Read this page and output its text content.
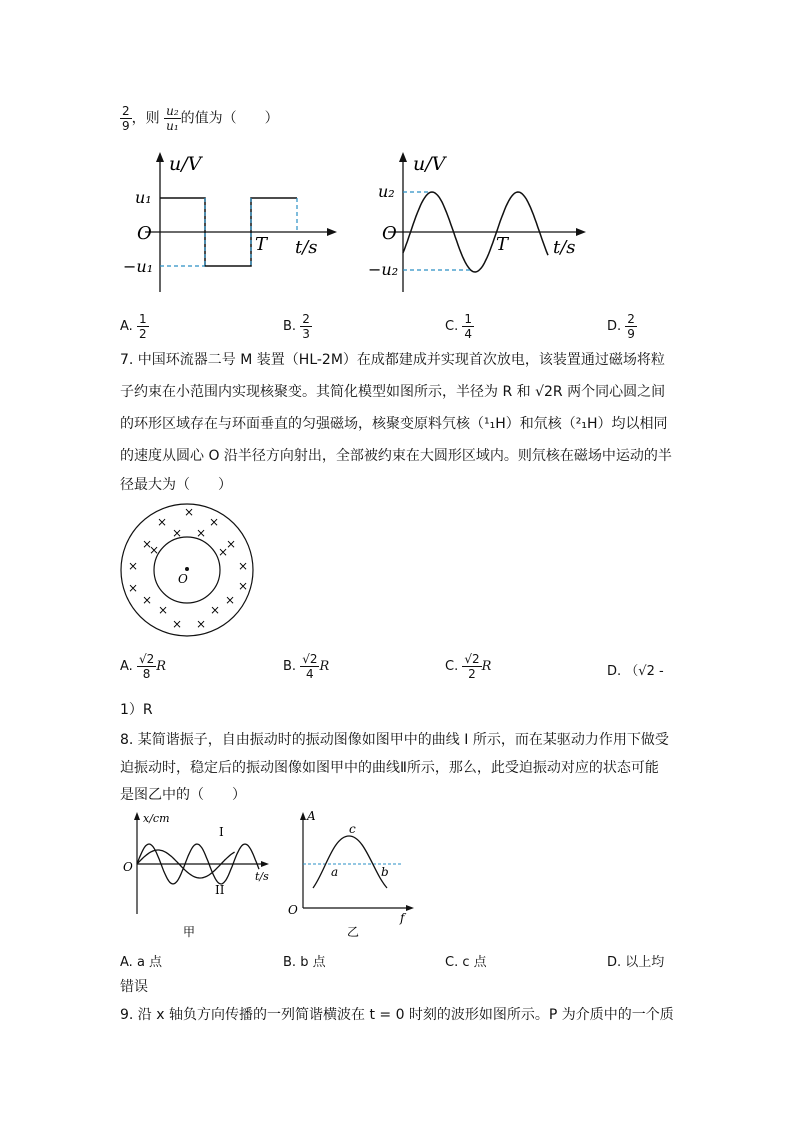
$\frac{2}{9}$ ，则 $\frac{\text{u₂}}{\text{u₁}}$ 的值为（　　）
u/V
u₁
O
−u₁
T t/s
u/V
u₂
O
−u₂
T t/s
A. $\frac{1}{2}$	B. $\frac{2}{3}$	C. $\frac{1}{4}$	D. $\frac{2}{9}$
7. 中国环流器二号 M 装置（HL-2M）在成都建成并实现首次放电，该装置通过磁场将粒
子约束在小范围内实现核聚变。其简化模型如图所示，半径为 R 和 √2R 两个同心圆之间
的环形区域存在与环面垂直的匀强磁场，核聚变原料氕核（¹₁H）和氘核（²₁H）均以相同
的速度从圆心 O 沿半径方向射出，全部被约束在大圆形区域内。则氘核在磁场中运动的半
径最大为（　　）
O
×
×	×
×
× ×
×
×
×	×
×
×	×
×	×
×	×
× ×
A. $\frac{√2}{8}$ R	B. $\frac{√2}{4}$ R	C. $\frac{√2}{2}$ R	D. （√2 -
1）R
8. 某简谐振子，自由振动时的振动图像如图甲中的曲线 I 所示，而在某驱动力作用下做受
迫振动时，稳定后的振动图像如图甲中的曲线Ⅱ所示，那么，此受迫振动对应的状态可能
是图乙中的（　　）
x/cm
O
t/s
I
II
甲
A
O
f
a	b
c
乙
A. a 点	B. b 点	C. c 点	D. 以上均
错误
9. 沿 x 轴负方向传播的一列简谐横波在 t = 0 时刻的波形如图所示。P 为介质中的一个质
